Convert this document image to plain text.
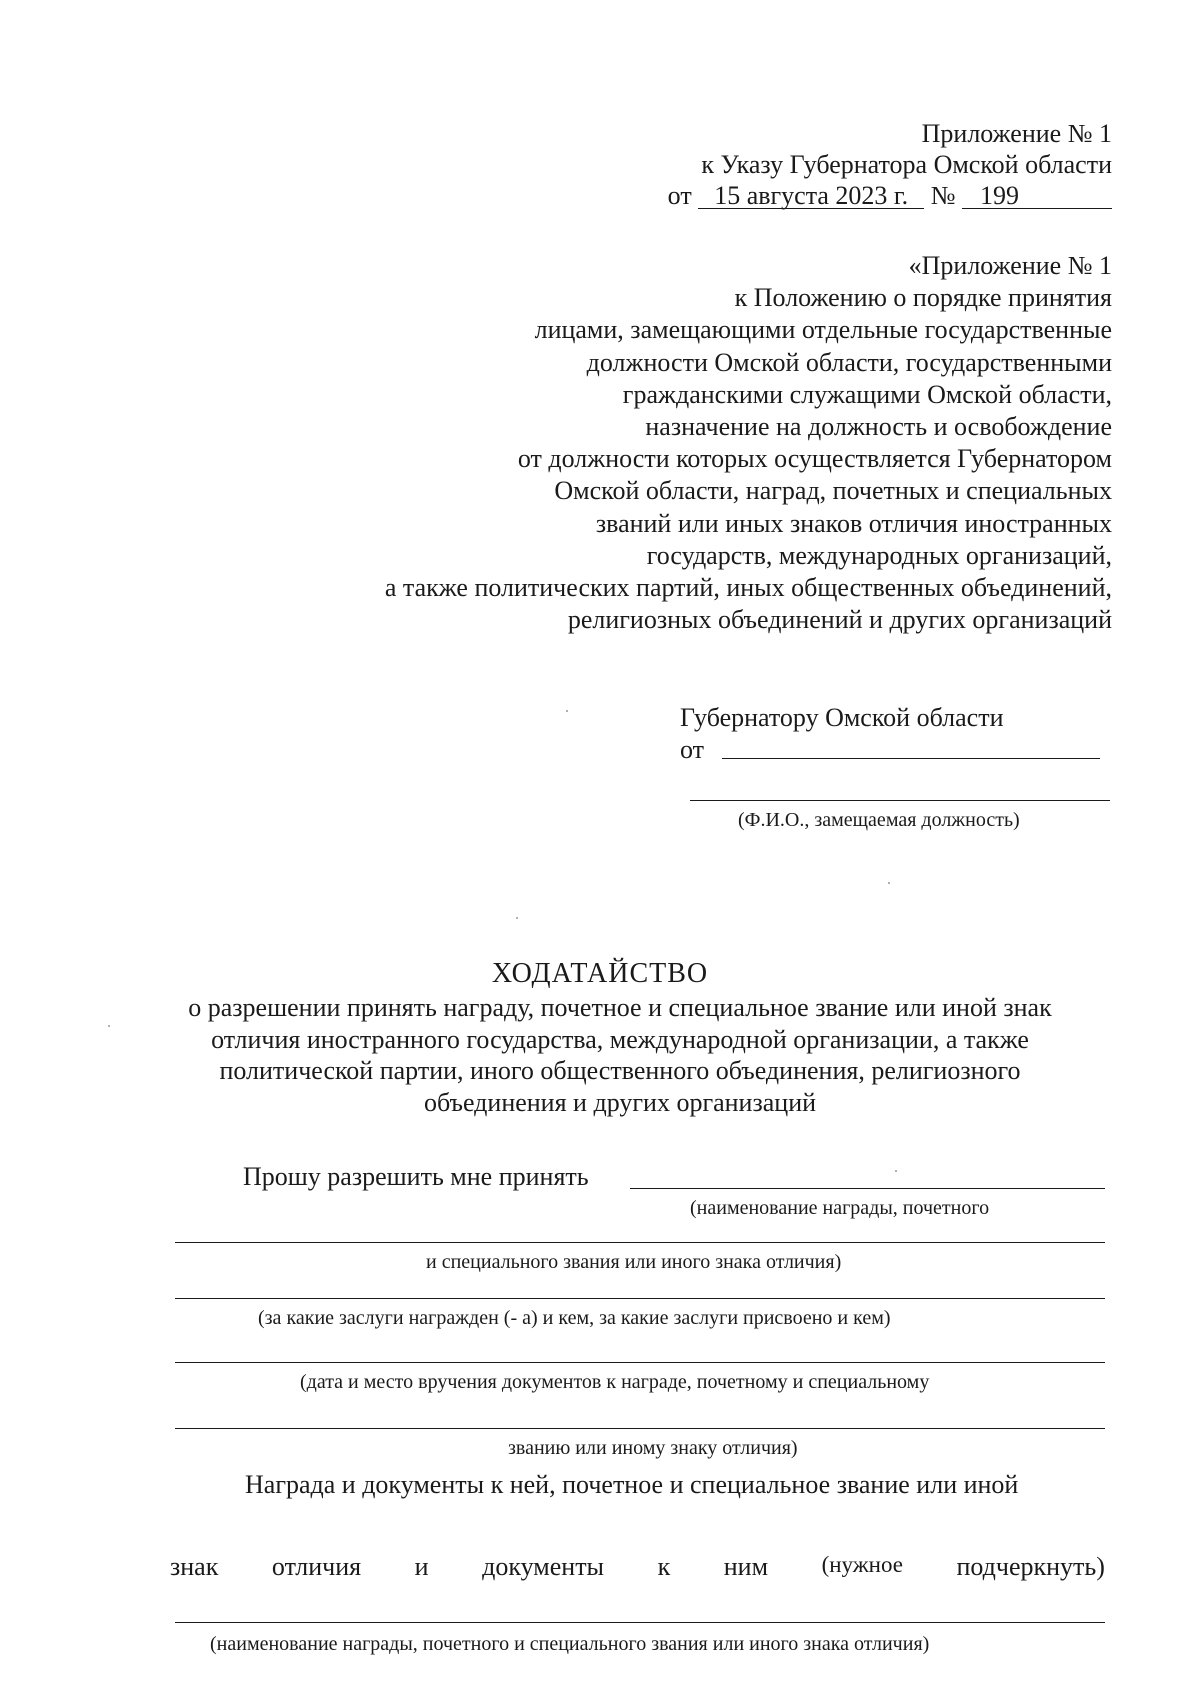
Приложение № 1
к Указу Губернатора Омской области
от 15 августа 2023 г. № 199
«Приложение № 1
к Положению о порядке принятия
лицами, замещающими отдельные государственные
должности Омской области, государственными
гражданскими служащими Омской области,
назначение на должность и освобождение
от должности которых осуществляется Губернатором
Омской области, наград, почетных и специальных
званий или иных знаков отличия иностранных
государств, международных организаций,
а также политических партий, иных общественных объединений,
религиозных объединений и других организаций
Губернатору Омской области
от
(Ф.И.О., замещаемая должность)
ХОДАТАЙСТВО
о разрешении принять награду, почетное и специальное звание или иной знак
отличия иностранного государства, международной организации, а также
политической партии, иного общественного объединения, религиозного
объединения и других организаций
Прошу разрешить мне принять
(наименование награды, почетного
и специального звания или иного знака отличия)
(за какие заслуги награжден (- а) и кем, за какие заслуги присвоено и кем)
(дата и место вручения документов к награде, почетному и специальному
званию или иному знаку отличия)
Награда и документы к ней, почетное и специальное звание или иной
знак отличия и документы к ним (нужное подчеркнуть)
(наименование награды, почетного и специального звания или иного знака отличия)
